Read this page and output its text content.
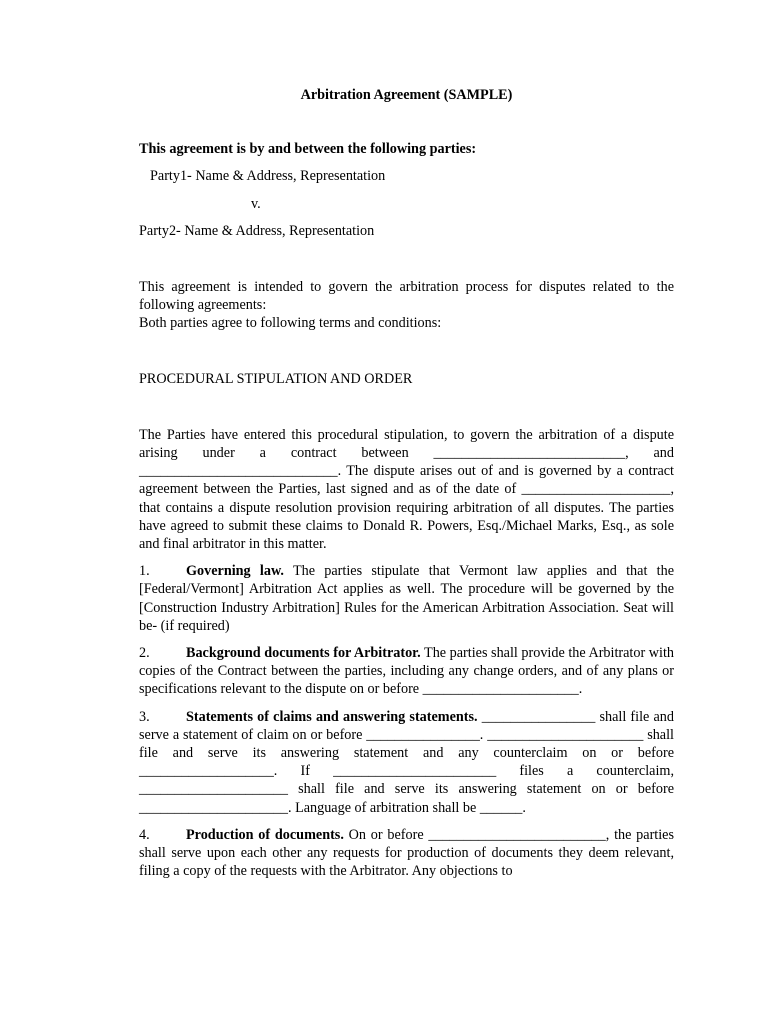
Arbitration Agreement (SAMPLE)

This agreement is by and between the following parties:

Party1- Name & Address, Representation

v.

Party2- Name & Address, Representation

This agreement is intended to govern the arbitration process for disputes related to the following agreements:

Both parties agree to following terms and conditions:

PROCEDURAL STIPULATION AND ORDER

The Parties have entered this procedural stipulation, to govern the arbitration of a dispute arising under a contract between ___________________________, and ____________________________. The dispute arises out of and is governed by a contract agreement between the Parties, last signed and as of the date of _____________________, that contains a dispute resolution provision requiring arbitration of all disputes. The parties have agreed to submit these claims to Donald R. Powers, Esq./Michael Marks, Esq., as sole and final arbitrator in this matter.

1.	Governing law. The parties stipulate that Vermont law applies and that the [Federal/Vermont] Arbitration Act applies as well. The procedure will be governed by the [Construction Industry Arbitration] Rules for the American Arbitration Association. Seat will be- (if required)

2.	Background documents for Arbitrator. The parties shall provide the Arbitrator with copies of the Contract between the parties, including any change orders, and of any plans or specifications relevant to the dispute on or before ______________________.

3.	Statements of claims and answering statements. ________________ shall file and serve a statement of claim on or before ________________. ______________________ shall file and serve its answering statement and any counterclaim on or before ___________________. If _______________________ files a counterclaim, _____________________ shall file and serve its answering statement on or before _____________________. Language of arbitration shall be ______.

4.	Production of documents. On or before _________________________, the parties shall serve upon each other any requests for production of documents they deem relevant, filing a copy of the requests with the Arbitrator. Any objections to
